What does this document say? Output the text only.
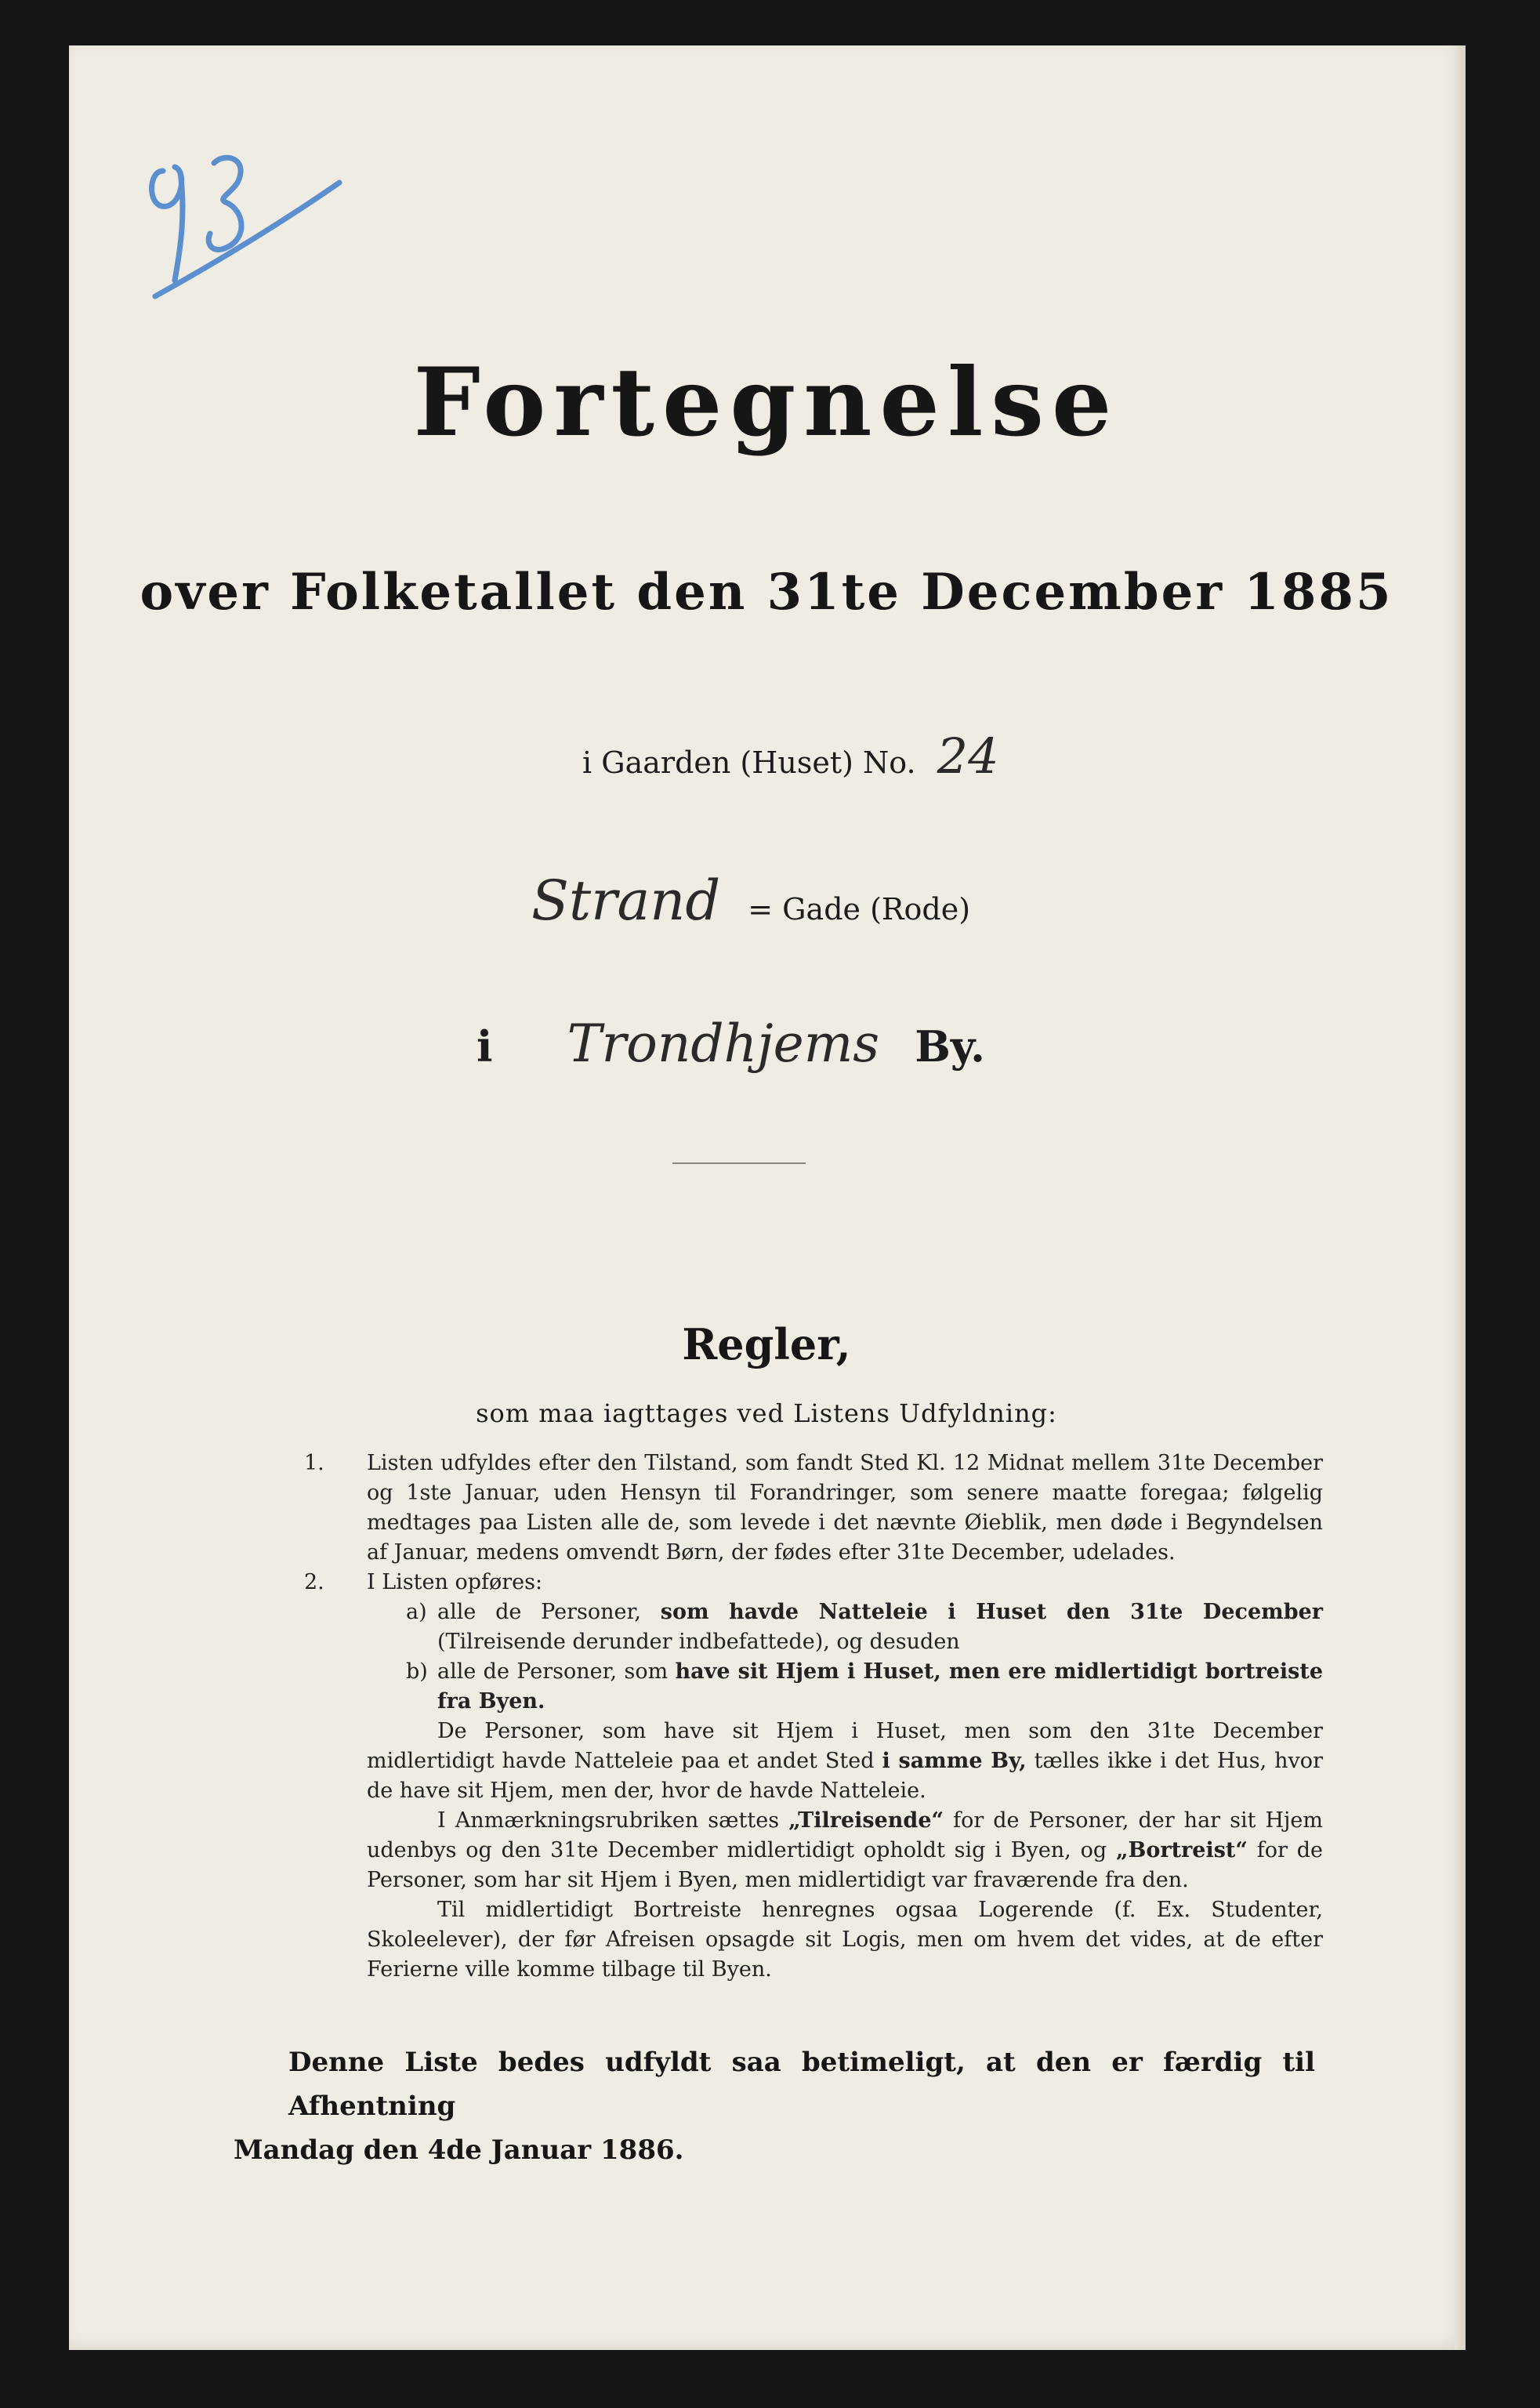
Fortegnelse
over Folketallet den 31te December 1885
i Gaarden (Huset) No. 24
Strand = Gade (Rode)
i Trondhjems By.
Regler,
som maa iagttages ved Listens Udfyldning:
1.	Listen udfyldes efter den Tilstand, som fandt Sted Kl. 12 Midnat mellem 31te December og 1ste Januar, uden Hensyn til Forandringer, som senere maatte foregaa; følgelig medtages paa Listen alle de, som levede i det nævnte Øieblik, men døde i Begyndelsen af Januar, medens omvendt Børn, der fødes efter 31te December, udelades.
2.	I Listen opføres:
a) alle de Personer, som havde Natteleie i Huset den 31te December (Tilreisende derunder indbefattede), og desuden
b) alle de Personer, som have sit Hjem i Huset, men ere midlertidigt bortreiste fra Byen.
De Personer, som have sit Hjem i Huset, men som den 31te December midlertidigt havde Natteleie paa et andet Sted i samme By, tælles ikke i det Hus, hvor de have sit Hjem, men der, hvor de havde Natteleie.
I Anmærkningsrubriken sættes „Tilreisende“ for de Personer, der har sit Hjem udenbys og den 31te December midlertidigt opholdt sig i Byen, og „Bortreist“ for de Personer, som har sit Hjem i Byen, men midlertidigt var fraværende fra den.
Til midlertidigt Bortreiste henregnes ogsaa Logerende (f. Ex. Studenter, Skoleelever), der før Afreisen opsagde sit Logis, men om hvem det vides, at de efter Ferierne ville komme tilbage til Byen.
Denne Liste bedes udfyldt saa betimeligt, at den er færdig til Afhentning
Mandag den 4de Januar 1886.
